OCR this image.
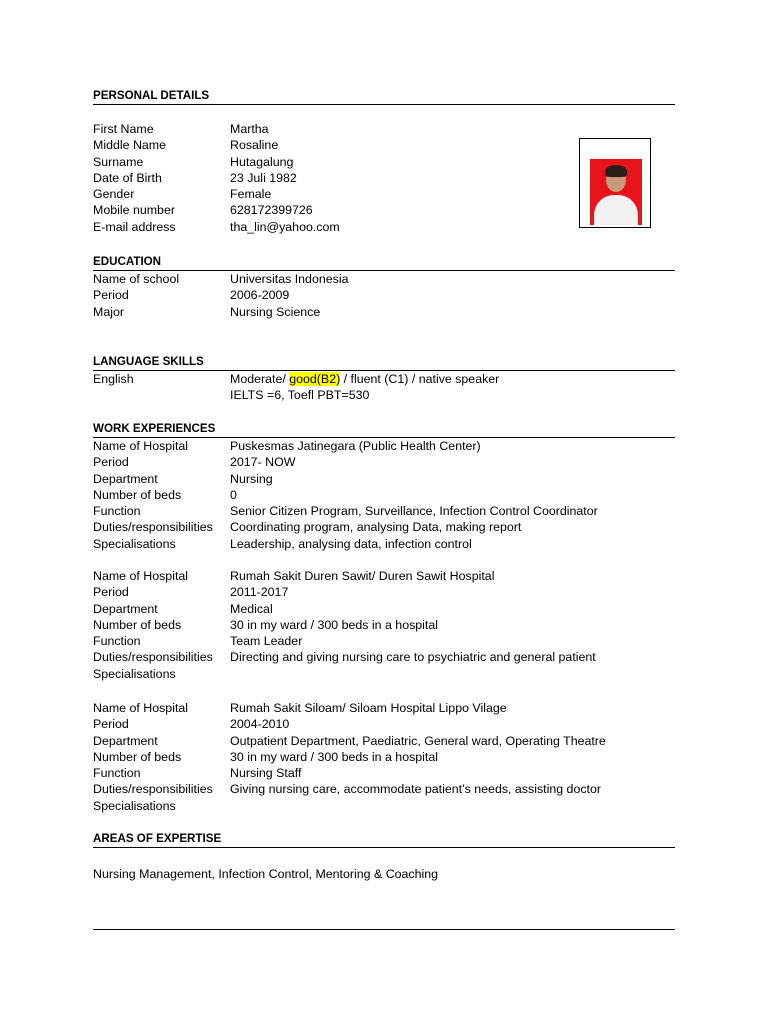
PERSONAL DETAILS
First Name	Martha
Middle Name	Rosaline
Surname	Hutagalung
Date of Birth	23 Juli 1982
Gender	Female
Mobile number	628172399726
E-mail address	tha_lin@yahoo.com
EDUCATION
Name of school	Universitas Indonesia
Period	2006-2009
Major	Nursing Science
LANGUAGE SKILLS
English	Moderate/ good(B2) / fluent (C1) / native speaker
IELTS =6, Toefl PBT=530
WORK EXPERIENCES
Name of Hospital	Puskesmas Jatinegara (Public Health Center)
Period	2017- NOW
Department	Nursing
Number of beds	0
Function	Senior Citizen Program, Surveillance, Infection Control Coordinator
Duties/responsibilities	Coordinating program, analysing Data, making report
Specialisations	Leadership, analysing data, infection control
Name of Hospital	Rumah Sakit Duren Sawit/ Duren Sawit Hospital
Period	2011-2017
Department	Medical
Number of beds	30 in my ward / 300 beds in a hospital
Function	Team Leader
Duties/responsibilities	Directing and giving nursing care to psychiatric and general patient
Specialisations
Name of Hospital	Rumah Sakit Siloam/ Siloam Hospital Lippo Vilage
Period	2004-2010
Department	Outpatient Department, Paediatric, General ward, Operating Theatre
Number of beds	30 in my ward / 300 beds in a hospital
Function	Nursing Staff
Duties/responsibilities	Giving nursing care, accommodate patient’s needs, assisting doctor
Specialisations
AREAS OF EXPERTISE
Nursing Management, Infection Control, Mentoring & Coaching
